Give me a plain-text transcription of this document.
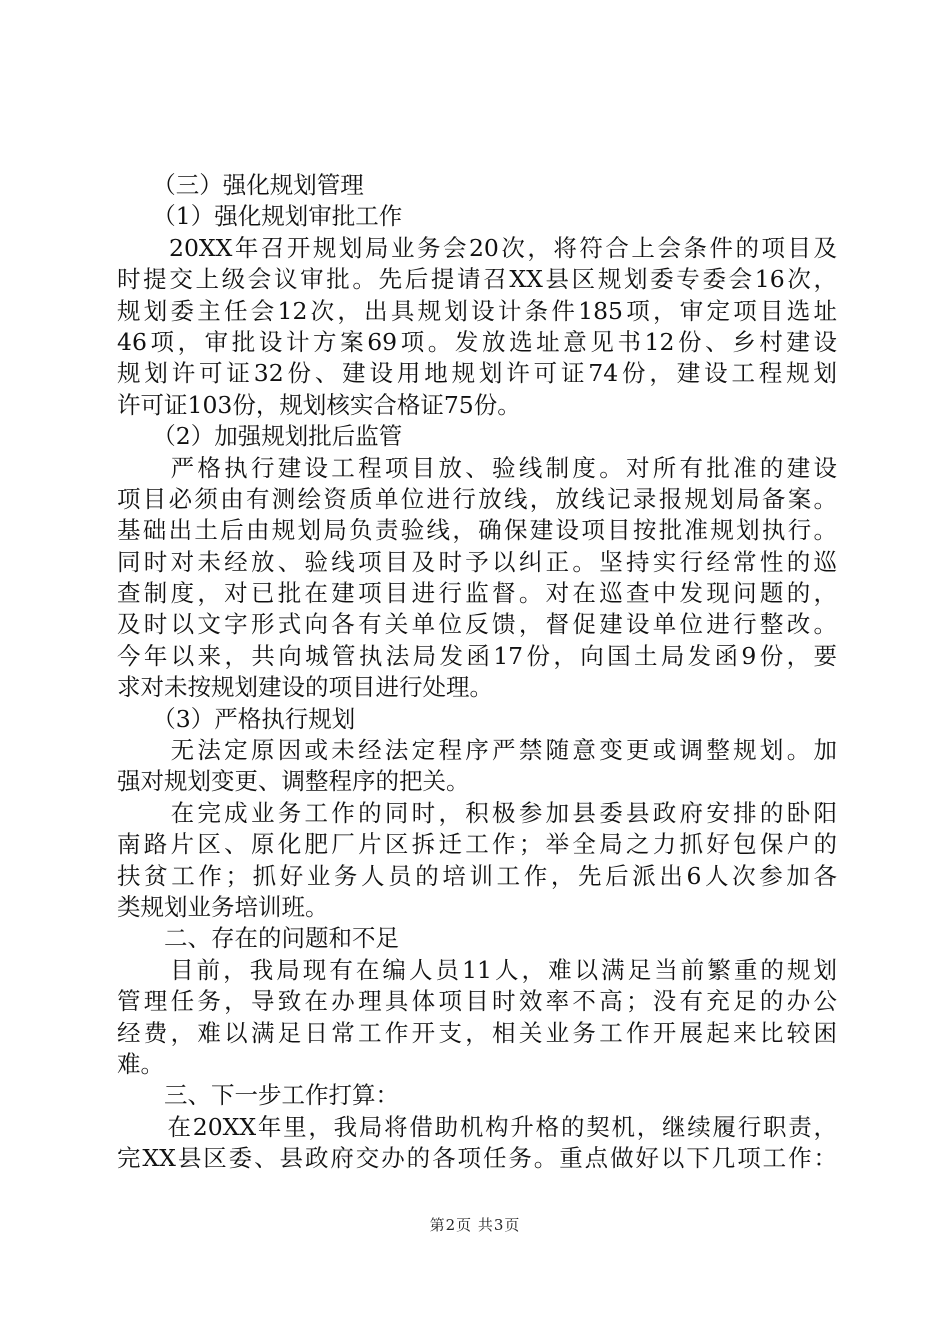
　　（三）强化规划管理
　　（1）强化规划审批工作
　　20XX年召开规划局业务会20次，将符合上会条件的项目及
时提交上级会议审批。先后提请召XX县区规划委专委会16次，
规划委主任会12次，出具规划设计条件185项，审定项目选址
46项，审批设计方案69项。发放选址意见书12份、乡村建设
规划许可证32份、建设用地规划许可证74份，建设工程规划
许可证103份，规划核实合格证75份。
　　（2）加强规划批后监管
　　严格执行建设工程项目放、验线制度。对所有批准的建设
项目必须由有测绘资质单位进行放线，放线记录报规划局备案。
基础出土后由规划局负责验线，确保建设项目按批准规划执行。
同时对未经放、验线项目及时予以纠正。坚持实行经常性的巡
查制度，对已批在建项目进行监督。对在巡查中发现问题的，
及时以文字形式向各有关单位反馈，督促建设单位进行整改。
今年以来，共向城管执法局发函17份，向国土局发函9份，要
求对未按规划建设的项目进行处理。
　　（3）严格执行规划
　　无法定原因或未经法定程序严禁随意变更或调整规划。加
强对规划变更、调整程序的把关。
　　在完成业务工作的同时，积极参加县委县政府安排的卧阳
南路片区、原化肥厂片区拆迁工作；举全局之力抓好包保户的
扶贫工作；抓好业务人员的培训工作，先后派出6人次参加各
类规划业务培训班。
　　二、存在的问题和不足
　　目前，我局现有在编人员11人，难以满足当前繁重的规划
管理任务，导致在办理具体项目时效率不高；没有充足的办公
经费，难以满足日常工作开支，相关业务工作开展起来比较困
难。
　　三、下一步工作打算：
　　在20XX年里，我局将借助机构升格的契机，继续履行职责，
完XX县区委、县政府交办的各项任务。重点做好以下几项工作：
第2页 共3页
